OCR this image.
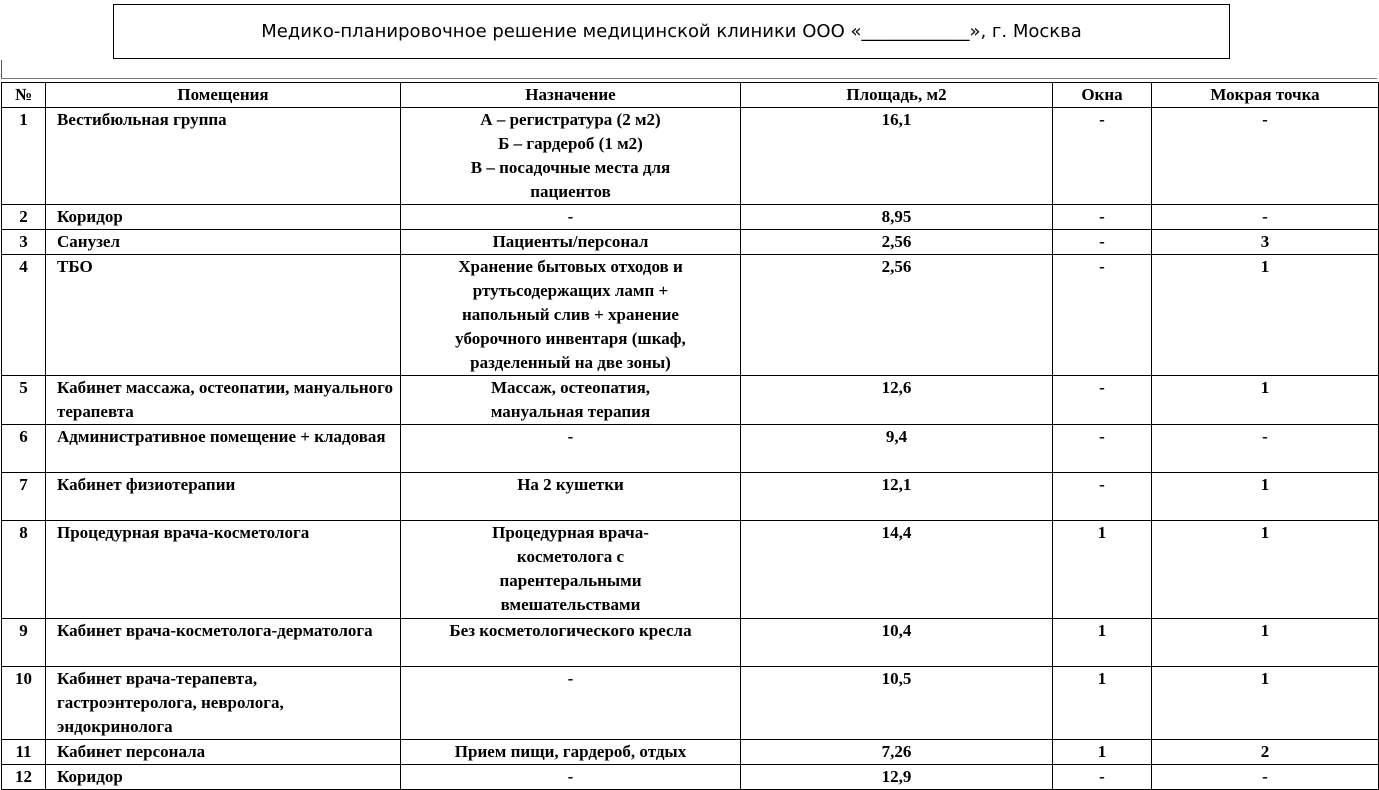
Медико-планировочное решение медицинской клиники ООО «____________», г. Москва
№	Помещения	Назначение	Площадь, м2	Окна	Мокрая точка
1	Вестибюльная группа	А – регистратура (2 м2)
Б – гардероб (1 м2)
В – посадочные места для
пациентов	16,1	-	-
2	Коридор	-	8,95	-	-
3	Санузел	Пациенты/персонал	2,56	-	3
4	ТБО	Хранение бытовых отходов и
ртутьсодержащих ламп +
напольный слив + хранение
уборочного инвентаря (шкаф,
разделенный на две зоны)	2,56	-	1
5	Кабинет массажа, остеопатии, мануального терапевта	Массаж, остеопатия,
мануальная терапия	12,6	-	1
6	Административное помещение + кладовая	-	9,4	-	-
7	Кабинет физиотерапии	На 2 кушетки	12,1	-	1
8	Процедурная врача-косметолога	Процедурная врача-
косметолога с
парентеральными
вмешательствами	14,4	1	1
9	Кабинет врача-косметолога-дерматолога	Без косметологического кресла	10,4	1	1
10	Кабинет врача-терапевта, гастроэнтеролога, невролога, эндокринолога	-	10,5	1	1
11	Кабинет персонала	Прием пищи, гардероб, отдых	7,26	1	2
12	Коридор	-	12,9	-	-
